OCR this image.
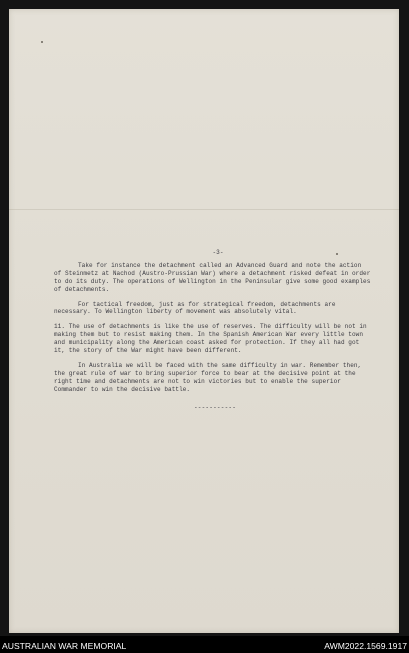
-3-
Take for instance the detachment called an Advanced Guard and note the action of Steinmetz at Nachod (Austro-Prussian War) where a detachment risked defeat in order to do its duty. The operations of Wellington in the Peninsular give some good examples of detachments.
For tactical freedom, just as for strategical freedom, detachments are necessary. To Wellington liberty of movement was absolutely vital.
11. The use of detachments is like the use of reserves. The difficulty will be not in making them but to resist making them. In the Spanish American War every little town and municipality along the American coast asked for protection. If they all had got it, the story of the War might have been different.
In Australia we will be faced with the same difficulty in war. Remember then, the great rule of war to bring superior force to bear at the decisive point at the right time and detachments are not to win victories but to enable the superior Commander to win the decisive battle.
-----------
AUSTRALIAN WAR MEMORIAL	AWM2022.1569.1917
